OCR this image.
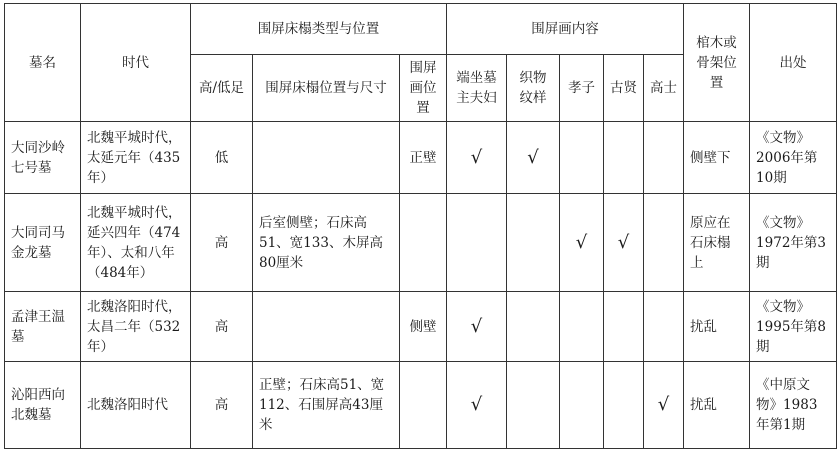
墓名	时代	围屏床榻类型与位置			围屏画内容					棺木或骨架位置	出处
		高/低足	围屏床榻位置与尺寸	围屏画位置	端坐墓主夫妇	织物纹样	孝子	古贤	高士		
大同沙岭七号墓	北魏平城时代，太延元年（435年）	低		正壁	√	√				侧壁下	《文物》2006年第10期
大同司马金龙墓	北魏平城时代，延兴四年（474年）、太和八年（484年）	高	后室侧壁；石床高51、宽133、木屏高80厘米				√	√		原应在石床榻上	《文物》1972年第3期
孟津王温墓	北魏洛阳时代，太昌二年（532年）	高		侧壁	√					扰乱	《文物》1995年第8期
沁阳西向北魏墓	北魏洛阳时代	高	正壁；石床高51、宽112、石围屏高43厘米		√				√	扰乱	《中原文物》1983年第1期
